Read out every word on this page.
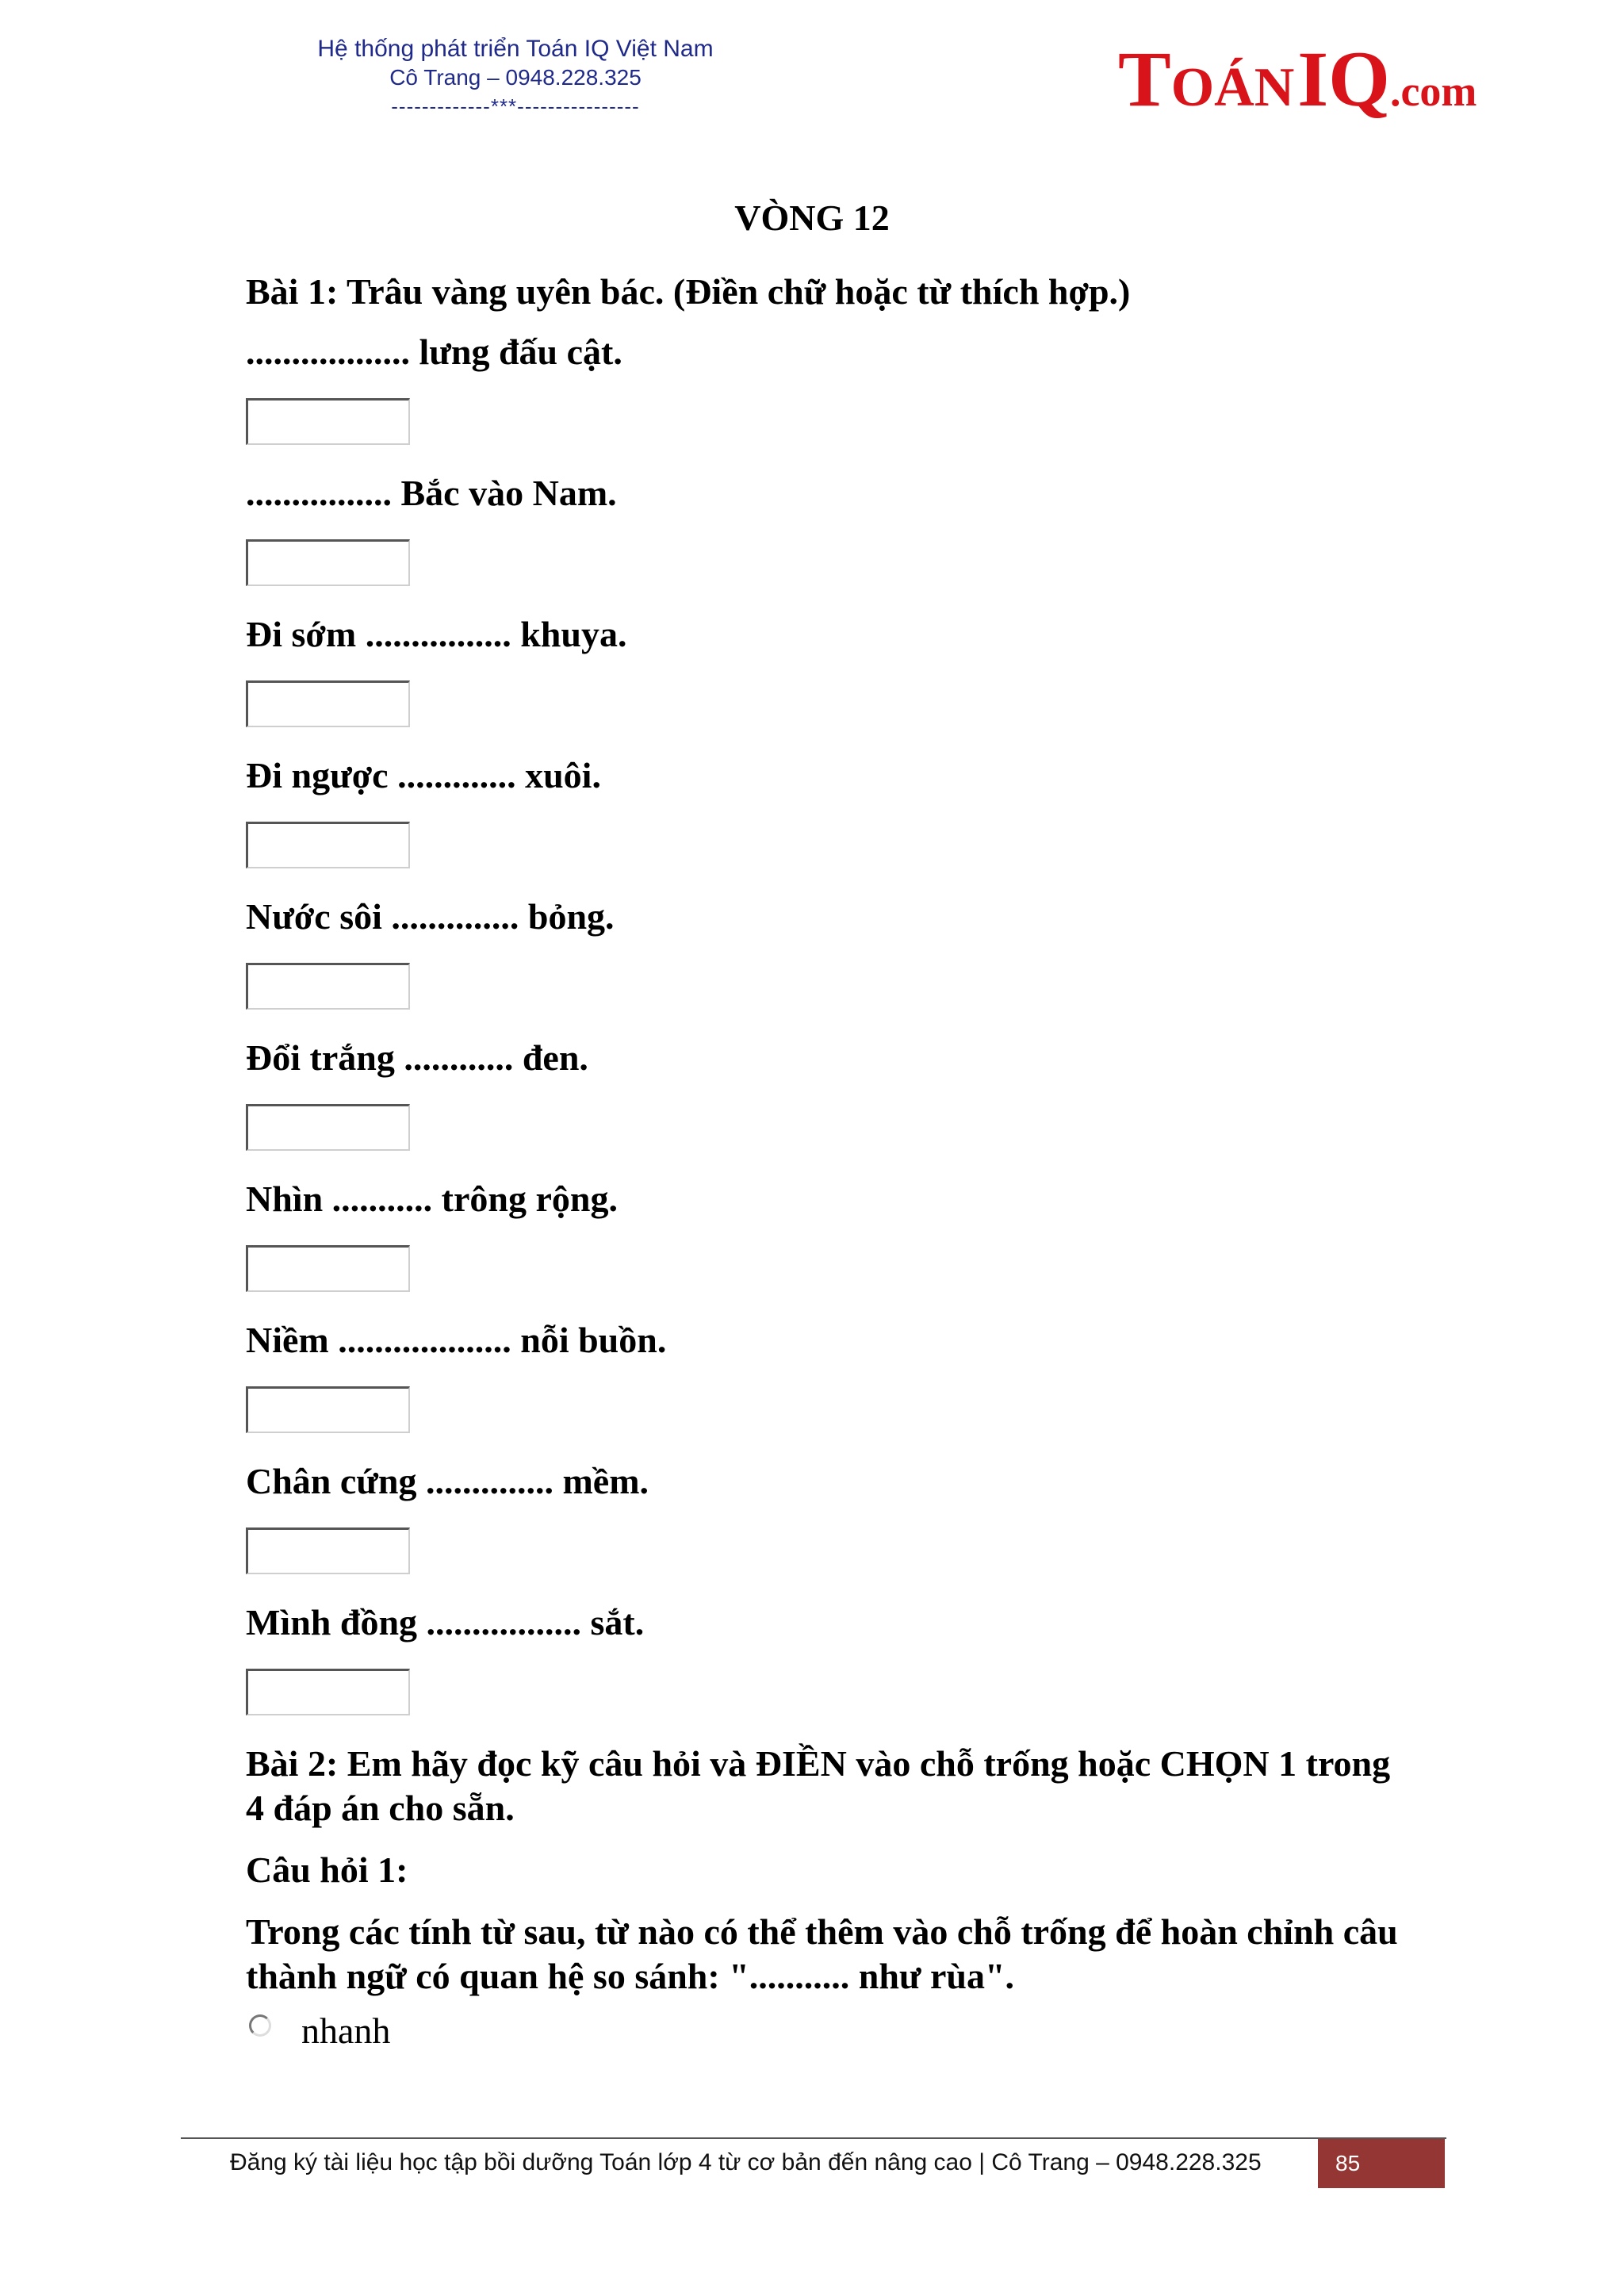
Hệ thống phát triển Toán IQ Việt Nam
Cô Trang – 0948.228.325
-------------***----------------	TOÁN IQ.com
VÒNG 12

Bài 1: Trâu vàng uyên bác. (Điền chữ hoặc từ thích hợp.)

.................. lưng đấu cật.

................ Bắc vào Nam.

Đi sớm ................ khuya.

Đi ngược ............. xuôi.

Nước sôi .............. bỏng.

Đổi trắng ............ đen.

Nhìn ........... trông rộng.

Niềm ................... nỗi buồn.

Chân cứng .............. mềm.

Mình đồng ................. sắt.

Bài 2: Em hãy đọc kỹ câu hỏi và ĐIỀN vào chỗ trống hoặc CHỌN 1 trong 4 đáp án cho sẵn.

Câu hỏi 1:

Trong các tính từ sau, từ nào có thể thêm vào chỗ trống để hoàn chỉnh câu thành ngữ có quan hệ so sánh: "........... như rùa".

nhanh
Đăng ký tài liệu học tập bồi dưỡng Toán lớp 4 từ cơ bản đến nâng cao | Cô Trang – 0948.228.325	85
